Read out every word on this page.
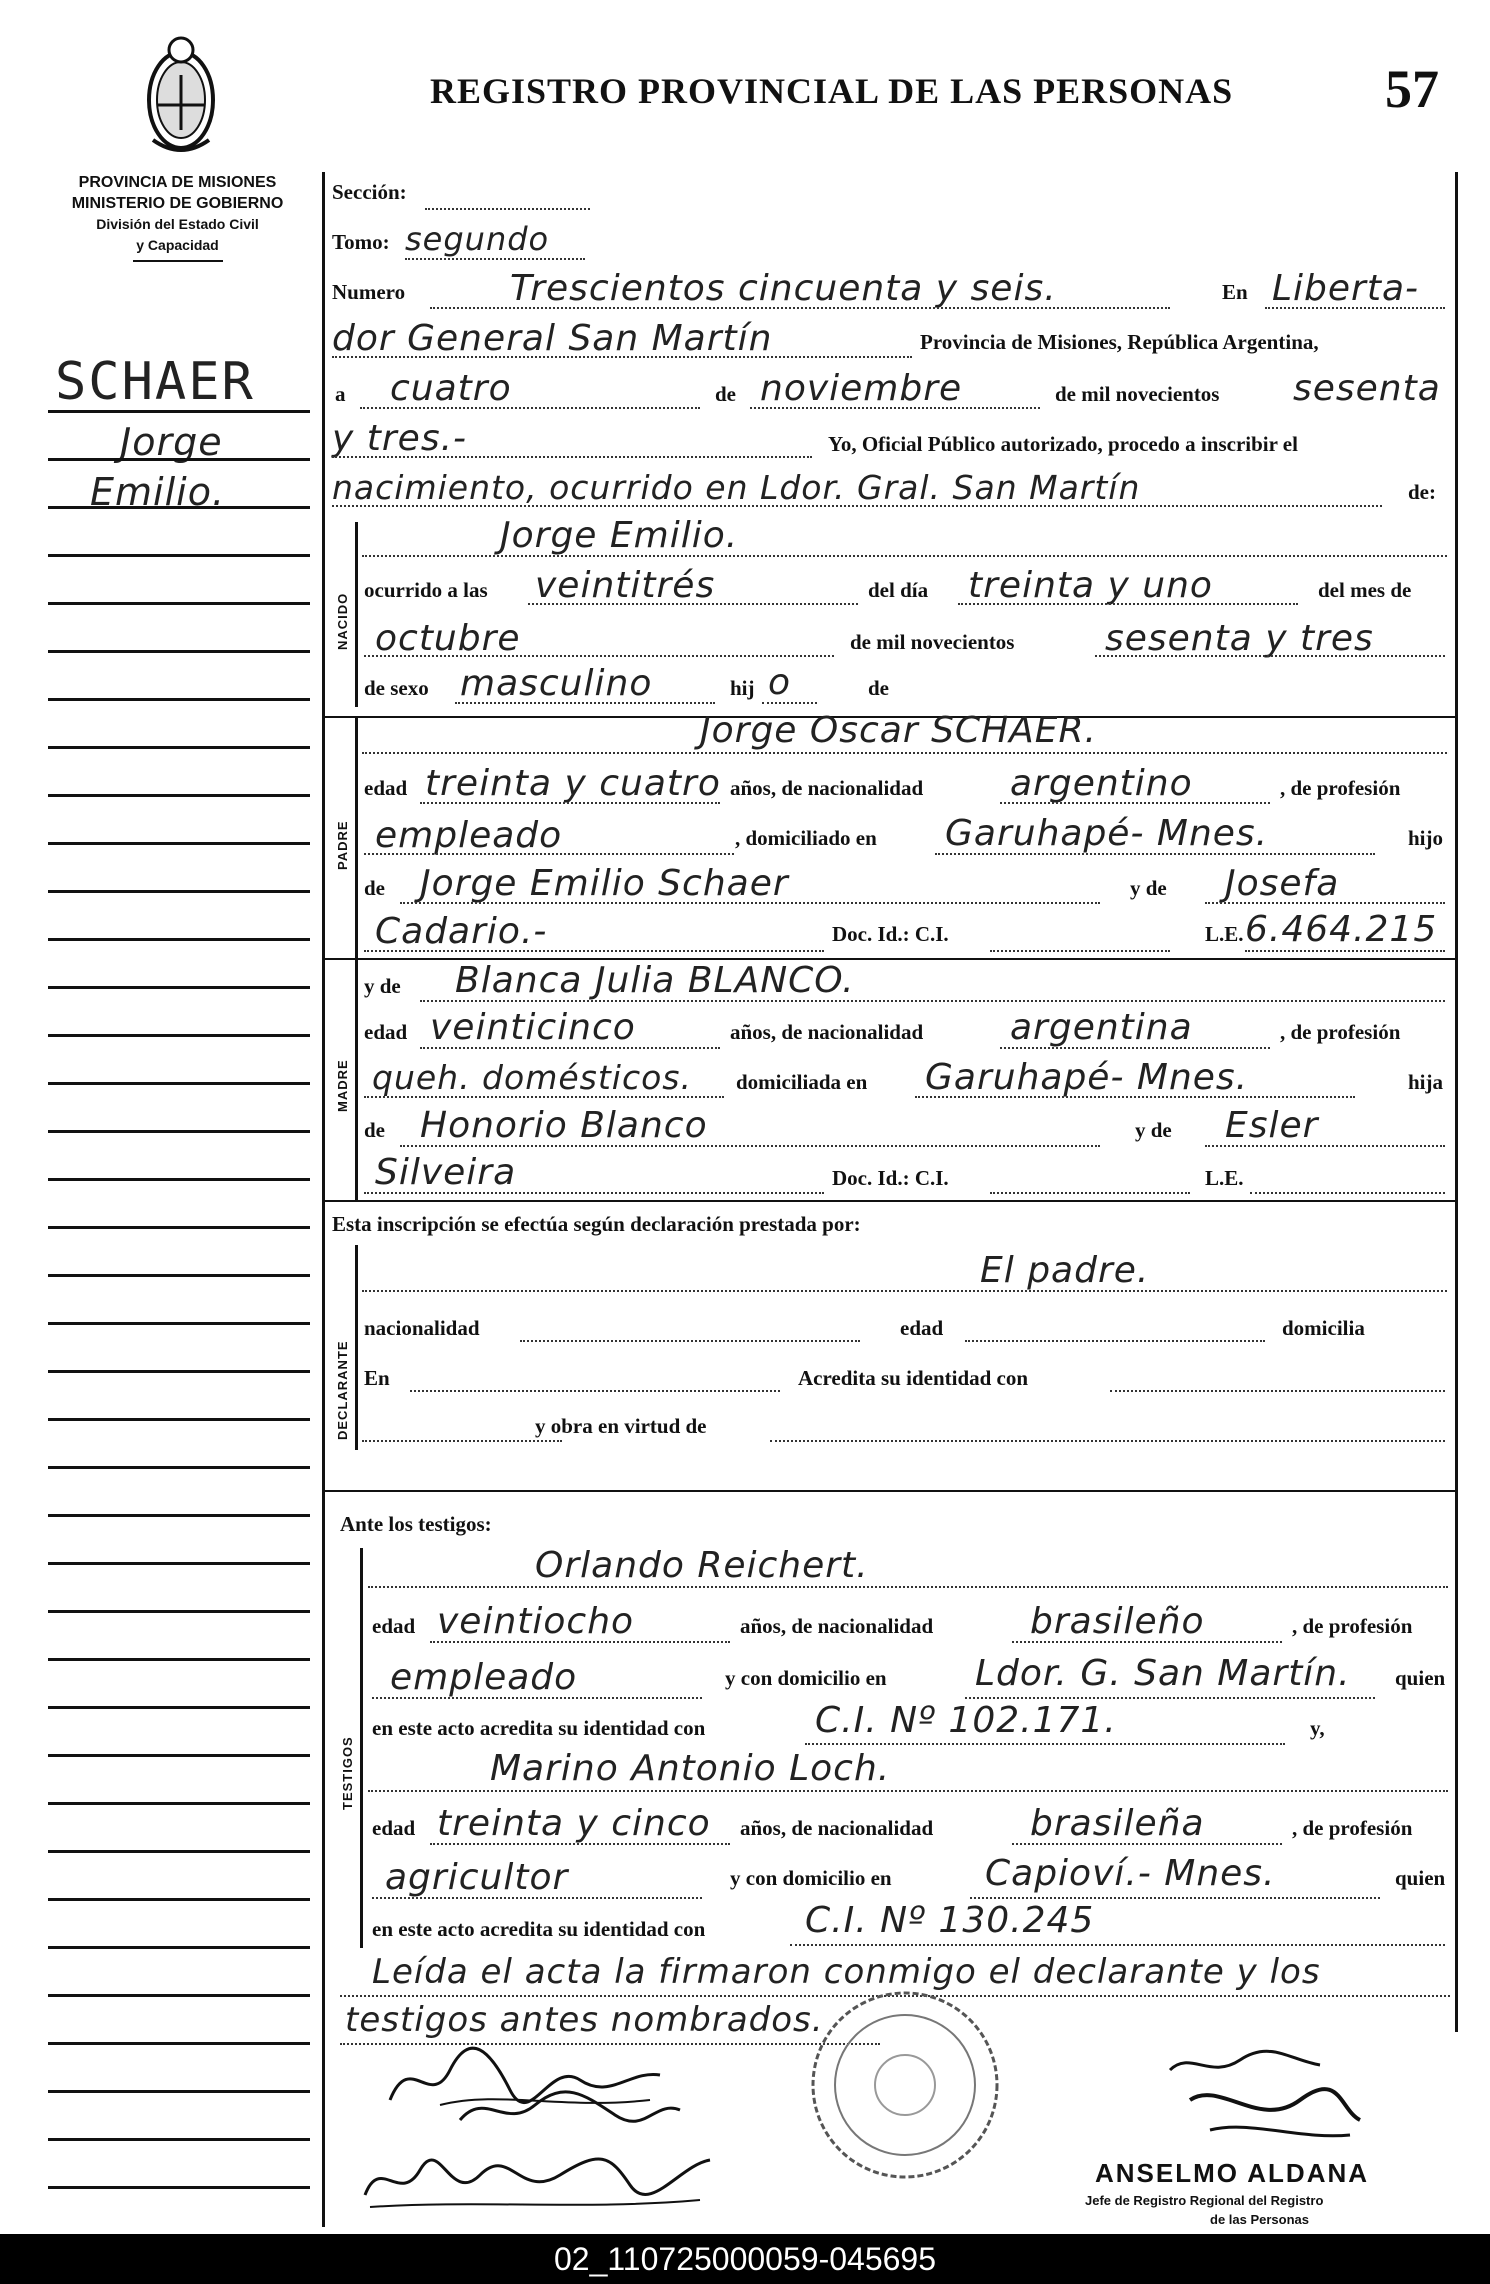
REGISTRO PROVINCIAL DE LAS PERSONAS	57
PROVINCIA DE MISIONES
MINISTERIO DE GOBIERNO
División del Estado Civil
y Capacidad
SCHAER
Jorge
Emilio.
Sección:
Tomo: segundo
Numero	Trescientos cincuenta y seis.	En Liberta-
dor General San Martín	Provincia de Misiones, República Argentina,
a cuatro	de noviembre	de mil novecientos sesenta
y tres.-	Yo, Oficial Público autorizado, procedo a inscribir el
nacimiento, ocurrido en Ldor. Gral. San Martín	de:
NACIDO
Jorge Emilio.
ocurrido a las veintitrés	del día treinta y uno	del mes de
octubre	de mil novecientos	sesenta y tres
de sexo masculino	hij o	de
PADRE
Jorge Oscar SCHAER.
edad treinta y cuatro años, de nacionalidad argentino	, de profesión
empleado	, domiciliado en Garuhapé- Mnes.	hijo
de Jorge Emilio Schaer	y de Josefa
Cadario.-	Doc. Id.: C.I.	L.E. 6.464.215
MADRE
y de Blanca Julia BLANCO.
edad veinticinco	años, de nacionalidad argentina	, de profesión
queh. domésticos. domiciliada en Garuhapé- Mnes.	hija
de Honorio Blanco	y de Esler
Silveira	Doc. Id.: C.I.	L.E.
Esta inscripción se efectúa según declaración prestada por:
DECLARANTE
El padre.
nacionalidad	edad	domicilia
En	Acredita su identidad con
y obra en virtud de
Ante los testigos:
TESTIGOS
Orlando Reichert.
edad veintiocho	años, de nacionalidad	brasileño	, de profesión
empleado	y con domicilio en Ldor. G. San Martín. quien
en este acto acredita su identidad con	C.I. Nº 102.171.	y,
Marino Antonio Loch.
edad treinta y cinco años, de nacionalidad	brasileña	, de profesión
agricultor	y con domicilio en	Capioví.- Mnes.	quien
en este acto acredita su identidad con	C.I. Nº 130.245
Leída el acta la firmaron conmigo el declarante y los
testigos antes nombrados.
ANSELMO ALDANA
Jefe de Registro Regional del Registro
de las Personas
02_110725000059-045695
